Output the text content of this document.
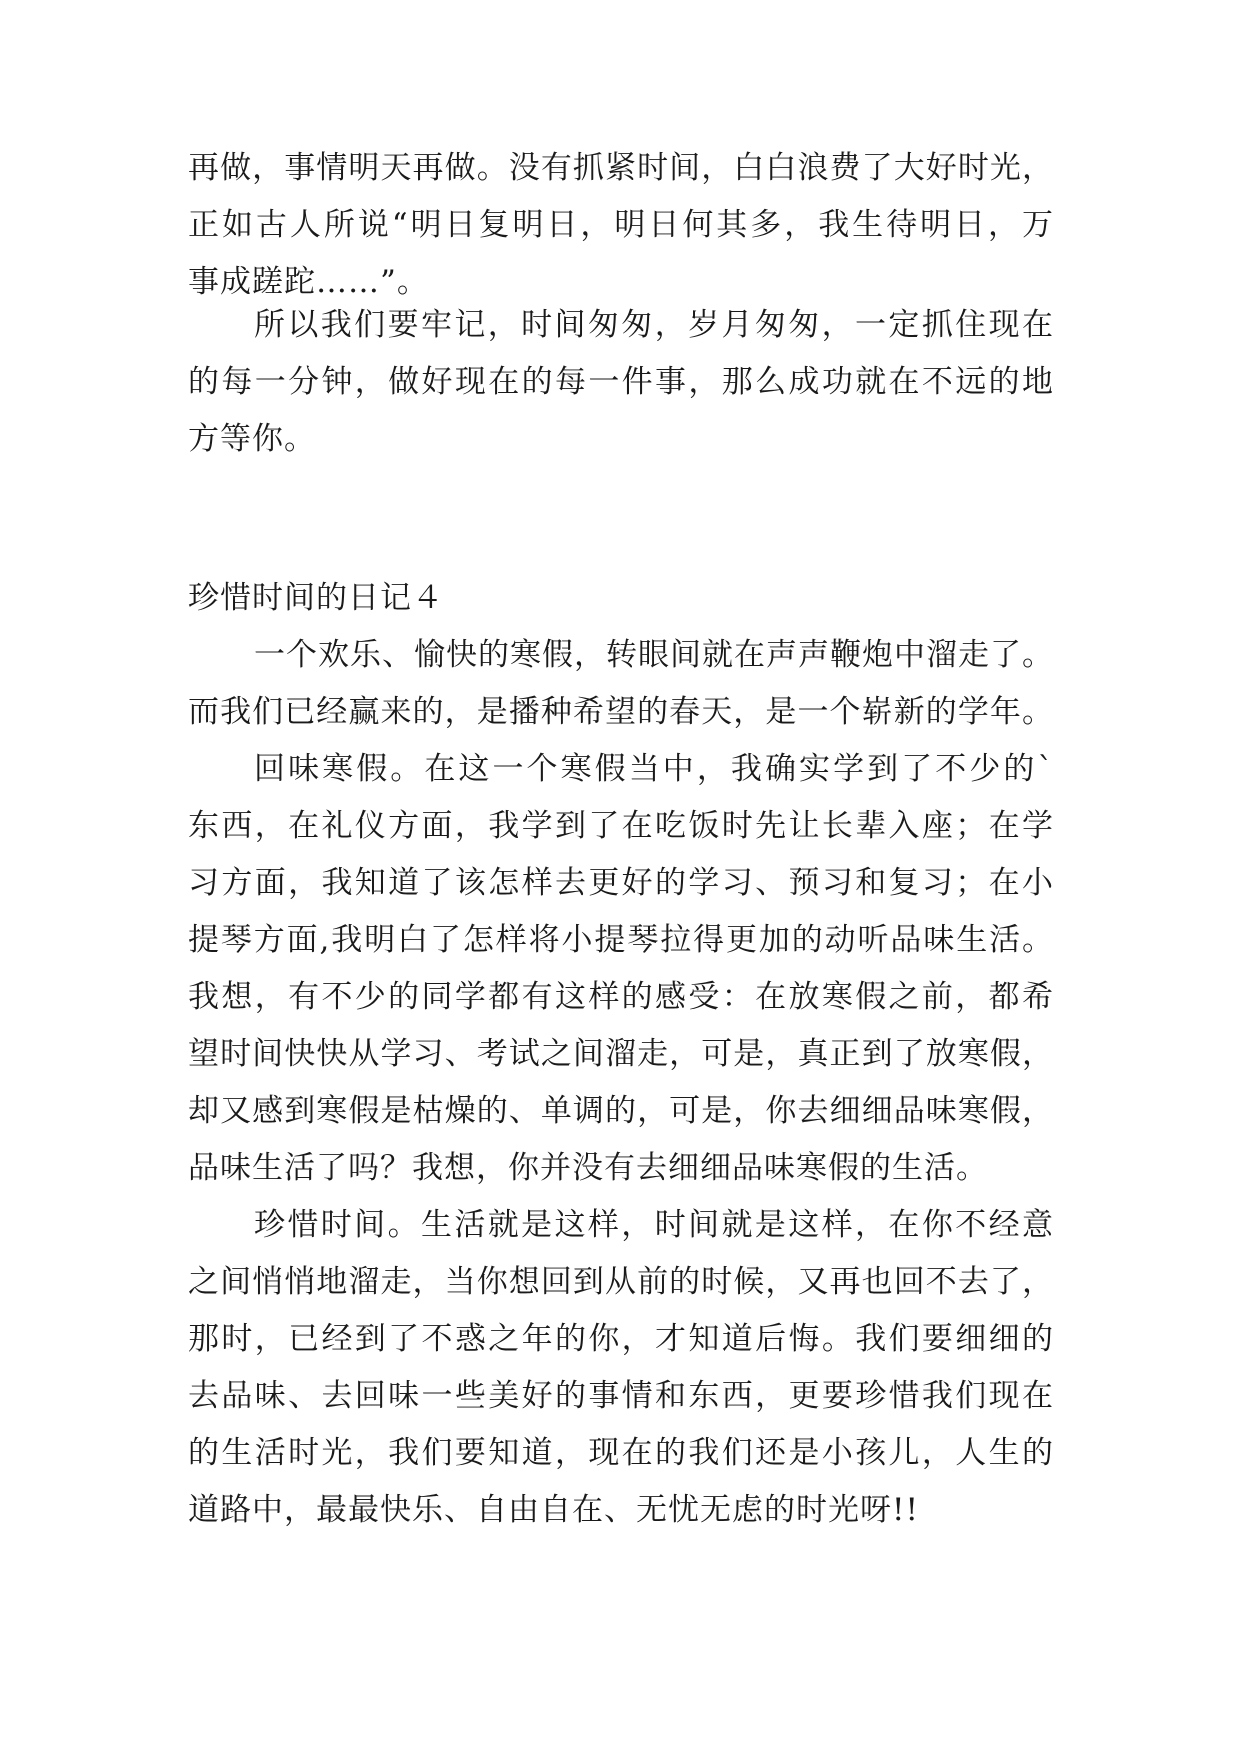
再做，事情明天再做。没有抓紧时间，白白浪费了大好时光，
正如古人所说“明日复明日，明日何其多，我生待明日，万
事成蹉跎……”。
所以我们要牢记，时间匆匆，岁月匆匆，一定抓住现在
的每一分钟，做好现在的每一件事，那么成功就在不远的地
方等你。
珍惜时间的日记４
一个欢乐、愉快的寒假，转眼间就在声声鞭炮中溜走了。
而我们已经赢来的，是播种希望的春天，是一个崭新的学年。
回味寒假。在这一个寒假当中，我确实学到了不少的`
东西，在礼仪方面，我学到了在吃饭时先让长辈入座；在学
习方面，我知道了该怎样去更好的学习、预习和复习；在小
提琴方面,我明白了怎样将小提琴拉得更加的动听品味生活。
我想，有不少的同学都有这样的感受：在放寒假之前，都希
望时间快快从学习、考试之间溜走，可是，真正到了放寒假，
却又感到寒假是枯燥的、单调的，可是，你去细细品味寒假，
品味生活了吗？我想，你并没有去细细品味寒假的生活。
珍惜时间。生活就是这样，时间就是这样，在你不经意
之间悄悄地溜走，当你想回到从前的时候，又再也回不去了，
那时，已经到了不惑之年的你，才知道后悔。我们要细细的
去品味、去回味一些美好的事情和东西，更要珍惜我们现在
的生活时光，我们要知道，现在的我们还是小孩儿，人生的
道路中，最最快乐、自由自在、无忧无虑的时光呀!!
